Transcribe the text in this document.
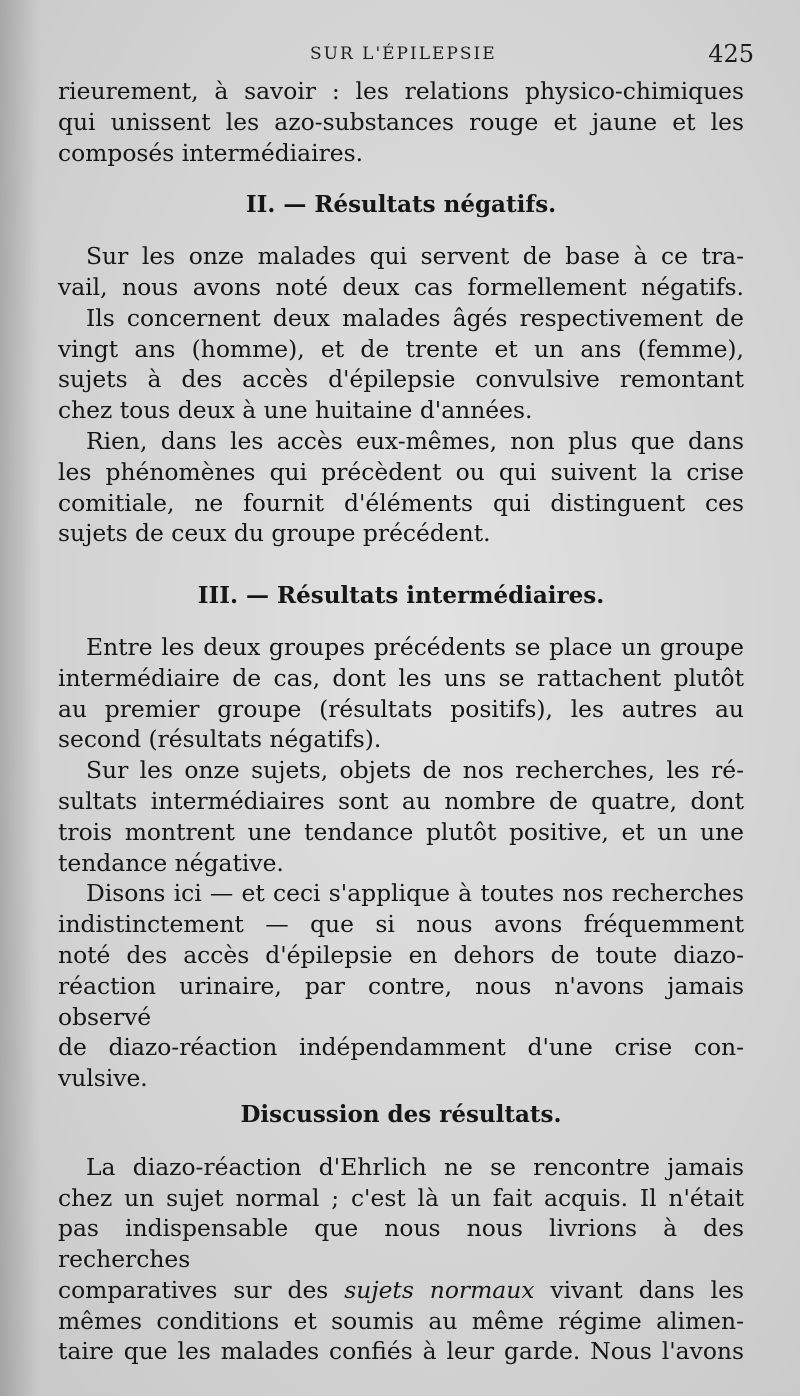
SUR L'ÉPILEPSIE	425

rieurement, à savoir : les relations physico-chimiques
qui unissent les azo-substances rouge et jaune et les
composés intermédiaires.

II. — Résultats négatifs.

Sur les onze malades qui servent de base à ce tra-
vail, nous avons noté deux cas formellement négatifs.
Ils concernent deux malades âgés respectivement de
vingt ans (homme), et de trente et un ans (femme),
sujets à des accès d'épilepsie convulsive remontant
chez tous deux à une huitaine d'années.

Rien, dans les accès eux-mêmes, non plus que dans
les phénomènes qui précèdent ou qui suivent la crise
comitiale, ne fournit d'éléments qui distinguent ces
sujets de ceux du groupe précédent.

III. — Résultats intermédiaires.

Entre les deux groupes précédents se place un groupe
intermédiaire de cas, dont les uns se rattachent plutôt
au premier groupe (résultats positifs), les autres au
second (résultats négatifs).

Sur les onze sujets, objets de nos recherches, les ré-
sultats intermédiaires sont au nombre de quatre, dont
trois montrent une tendance plutôt positive, et un une
tendance négative.

Disons ici — et ceci s'applique à toutes nos recherches
indistinctement — que si nous avons fréquemment
noté des accès d'épilepsie en dehors de toute diazo-
réaction urinaire, par contre, nous n'avons jamais observé
de diazo-réaction indépendamment d'une crise con-
vulsive.

Discussion des résultats.

La diazo-réaction d'Ehrlich ne se rencontre jamais
chez un sujet normal ; c'est là un fait acquis. Il n'était
pas indispensable que nous nous livrions à des recherches
comparatives sur des sujets normaux vivant dans les
mêmes conditions et soumis au même régime alimen-
taire que les malades confiés à leur garde. Nous l'avons
